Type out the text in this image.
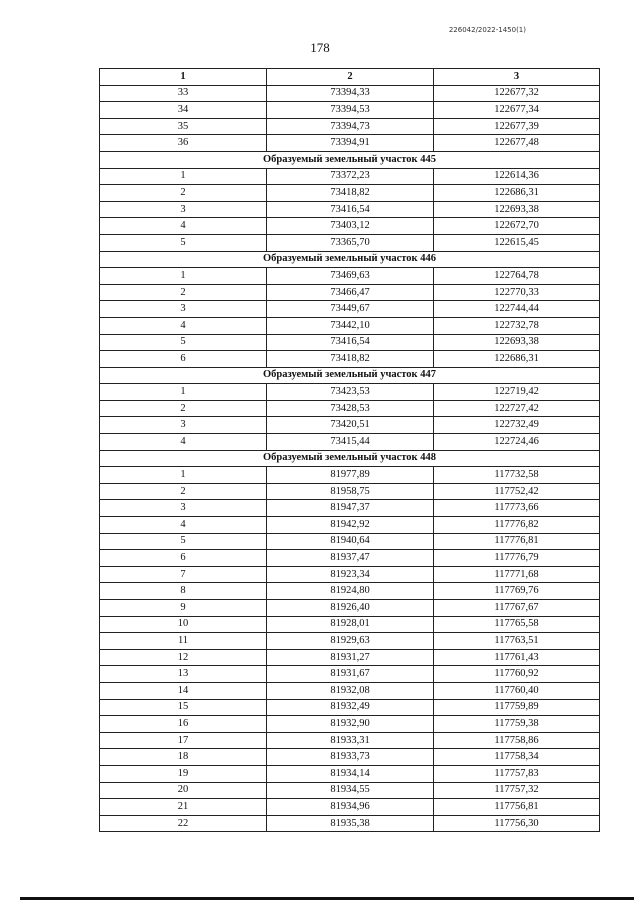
226042/2022-1450(1)
178
1	2	3
33	73394,33	122677,32
34	73394,53	122677,34
35	73394,73	122677,39
36	73394,91	122677,48
Образуемый земельный участок 445		
1	73372,23	122614,36
2	73418,82	122686,31
3	73416,54	122693,38
4	73403,12	122672,70
5	73365,70	122615,45
Образуемый земельный участок 446		
1	73469,63	122764,78
2	73466,47	122770,33
3	73449,67	122744,44
4	73442,10	122732,78
5	73416,54	122693,38
6	73418,82	122686,31
Образуемый земельный участок 447		
1	73423,53	122719,42
2	73428,53	122727,42
3	73420,51	122732,49
4	73415,44	122724,46
Образуемый земельный участок 448		
1	81977,89	117732,58
2	81958,75	117752,42
3	81947,37	117773,66
4	81942,92	117776,82
5	81940,64	117776,81
6	81937,47	117776,79
7	81923,34	117771,68
8	81924,80	117769,76
9	81926,40	117767,67
10	81928,01	117765,58
11	81929,63	117763,51
12	81931,27	117761,43
13	81931,67	117760,92
14	81932,08	117760,40
15	81932,49	117759,89
16	81932,90	117759,38
17	81933,31	117758,86
18	81933,73	117758,34
19	81934,14	117757,83
20	81934,55	117757,32
21	81934,96	117756,81
22	81935,38	117756,30
